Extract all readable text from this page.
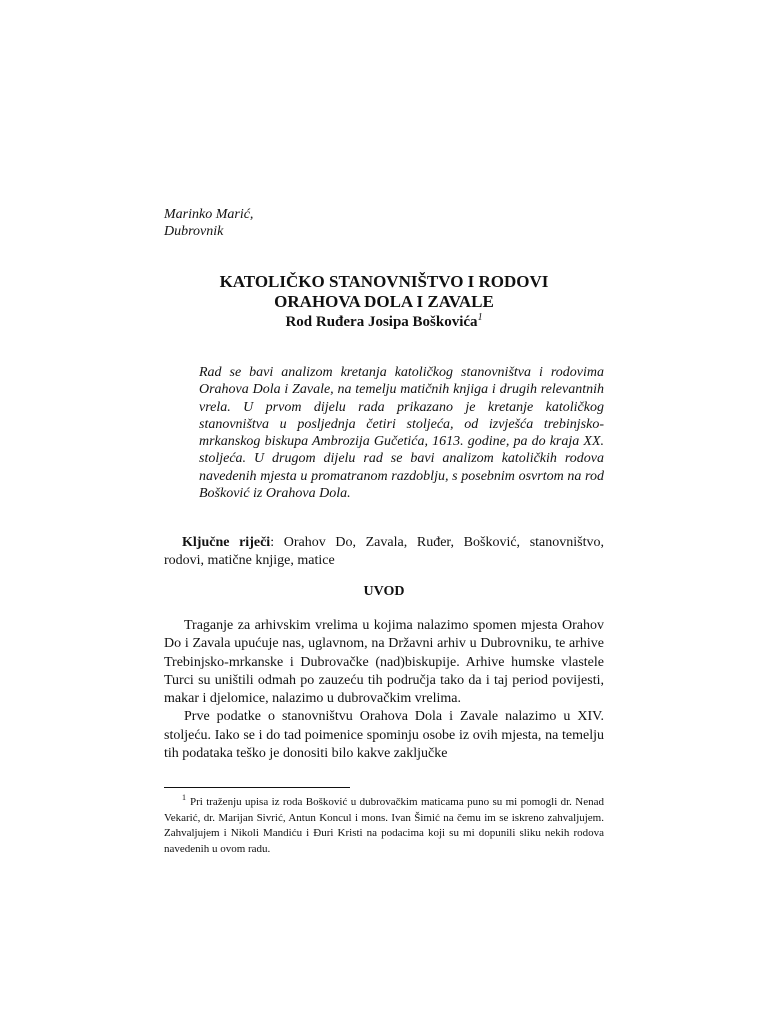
Marinko Marić,
Dubrovnik
KATOLIČKO STANOVNIŠTVO I RODOVI
ORAHOVA DOLA I ZAVALE
Rod Ruđera Josipa Boškovića$^1$
Rad se bavi analizom kretanja katoličkog stanovništva i rodovima Orahova Dola i Zavale, na temelju matičnih knjiga i drugih relevantnih vrela. U prvom dijelu rada prikazano je kretanje katoličkog stanovništva u posljednja četiri stoljeća, od izvješća trebinjsko-mrkanskog biskupa Ambrozija Gučetića, 1613. godine, pa do kraja XX. stoljeća. U drugom dijelu rad se bavi analizom katoličkih rodova navedenih mjesta u promatranom razdoblju, s posebnim osvrtom na rod Bošković iz Orahova Dola.
Ključne riječi: Orahov Do, Zavala, Ruđer, Bošković, stanovništvo, rodovi, matične knjige, matice
UVOD

Traganje za arhivskim vrelima u kojima nalazimo spomen mjesta Orahov Do i Zavala upućuje nas, uglavnom, na Državni arhiv u Dubrovniku, te arhive Trebinjsko-mrkanske i Dubrovačke (nad)biskupije. Arhive humske vlastele Turci su uništili odmah po zauzeću tih područja tako da i taj period povijesti, makar i djelomice, nalazimo u dubrovačkim vrelima.

Prve podatke o stanovništvu Orahova Dola i Zavale nalazimo u XIV. stoljeću. Iako se i do tad poimenice spominju osobe iz ovih mjesta, na temelju tih podataka teško je donositi bilo kakve zaključke

$^1$ Pri traženju upisa iz roda Bošković u dubrovačkim maticama puno su mi pomogli dr. Nenad Vekarić, dr. Marijan Sivrić, Antun Koncul i mons. Ivan Šimić na čemu im se iskreno zahvaljujem. Zahvaljujem i Nikoli Mandiću i Đuri Kristi na podacima koji su mi dopunili sliku nekih rodova navedenih u ovom radu.
